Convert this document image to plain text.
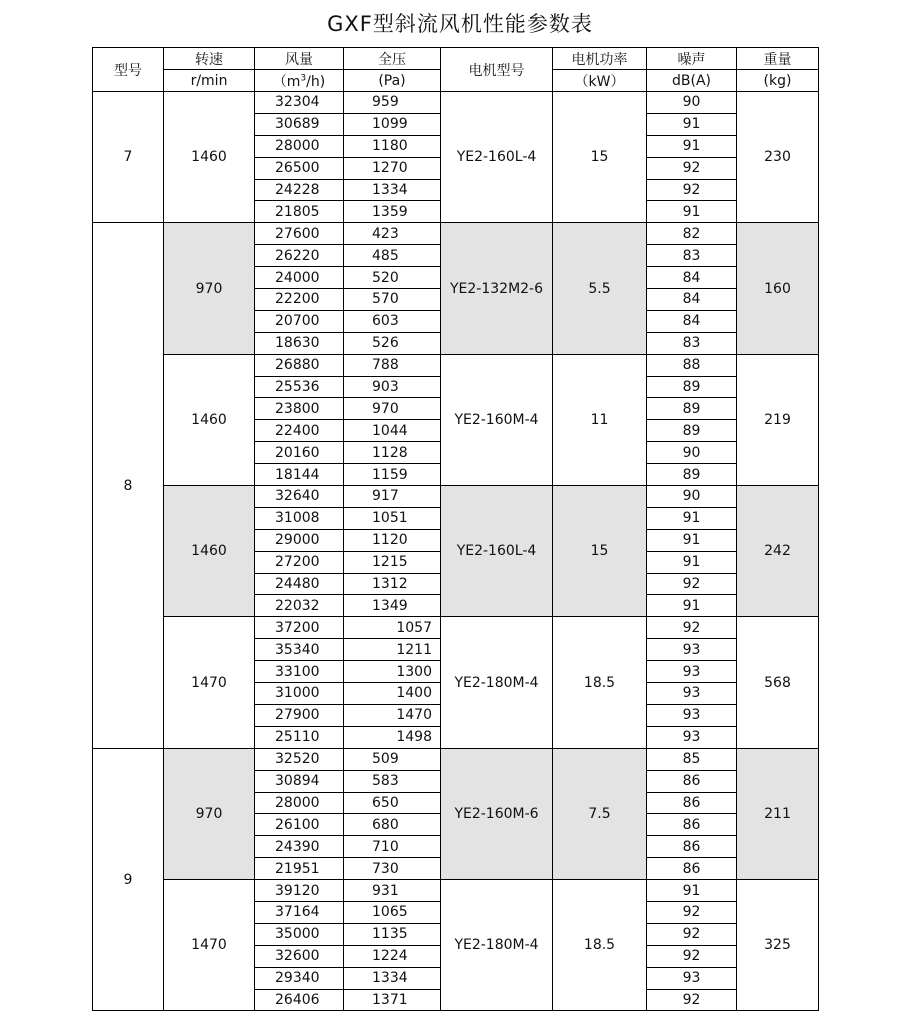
GXF型斜流风机性能参数表
型号	转速	风量	全压	电机型号	电机功率	噪声	重量
	r/min	$(m^3/h)$	(Pa)		（kW）	dB(A)	(kg)
7	1460	32304	959	YE2-160L-4	15	90	230
		30689	1099			91	
		28000	1180			91	
		26500	1270			92	
		24228	1334			92	
		21805	1359			91	
8	970	27600	423	YE2-132M2-6	5.5	82	160
		26220	485			83	
		24000	520			84	
		22200	570			84	
		20700	603			84	
		18630	526			83	
	1460	26880	788	YE2-160M-4	11	88	219
		25536	903			89	
		23800	970			89	
		22400	1044			89	
		20160	1128			90	
		18144	1159			89	
	1460	32640	917	YE2-160L-4	15	90	242
		31008	1051			91	
		29000	1120			91	
		27200	1215			91	
		24480	1312			92	
		22032	1349			91	
	1470	37200	1057	YE2-180M-4	18.5	92	568
		35340	1211			93	
		33100	1300			93	
		31000	1400			93	
		27900	1470			93	
		25110	1498			93	
9	970	32520	509	YE2-160M-6	7.5	85	211
		30894	583			86	
		28000	650			86	
		26100	680			86	
		24390	710			86	
		21951	730			86	
	1470	39120	931	YE2-180M-4	18.5	91	325
		37164	1065			92	
		35000	1135			92	
		32600	1224			92	
		29340	1334			93	
		26406	1371			92	
